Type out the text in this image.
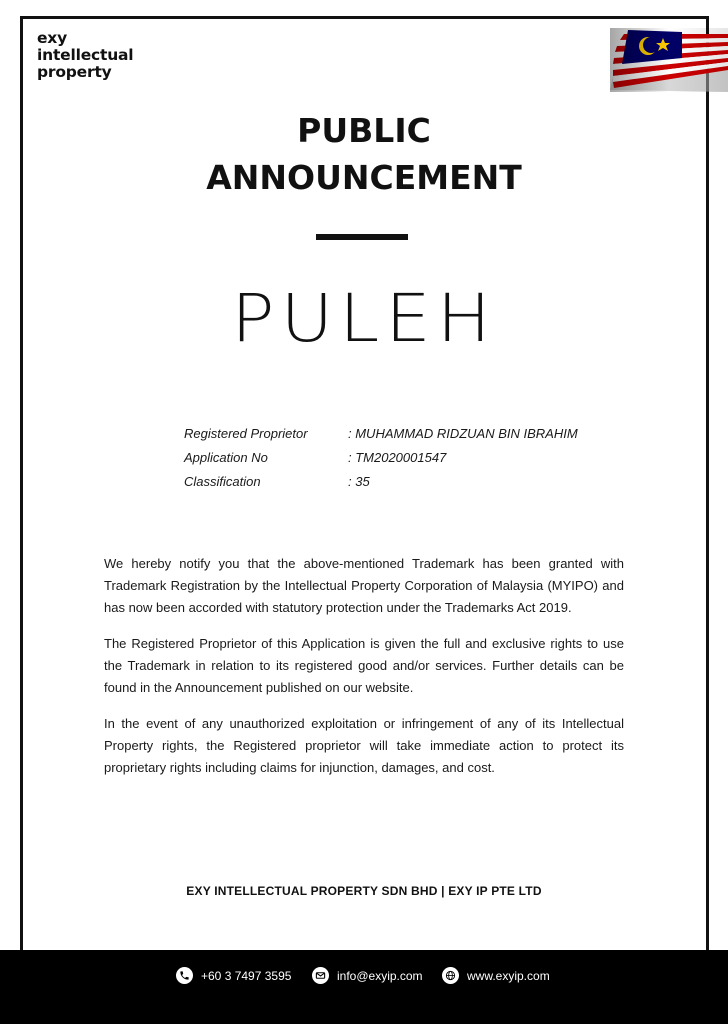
exy
intellectual
property
PUBLIC
ANNOUNCEMENT
PULEH
Registered Proprietor	: MUHAMMAD RIDZUAN BIN IBRAHIM
Application No	: TM2020001547
Classification	: 35

We hereby notify you that the above-mentioned Trademark has been granted with Trademark Registration by the Intellectual Property Corporation of Malaysia (MYIPO) and has now been accorded with statutory protection under the Trademarks Act 2019.

The Registered Proprietor of this Application is given the full and exclusive rights to use the Trademark in relation to its registered good and/or services. Further details can be found in the Announcement published on our website.

In the event of any unauthorized exploitation or infringement of any of its Intellectual Property rights, the Registered proprietor will take immediate action to protect its proprietary rights including claims for injunction, damages, and cost.

EXY INTELLECTUAL PROPERTY SDN BHD | EXY IP PTE LTD
+60 3 7497 3595	info@exyip.com	www.exyip.com
